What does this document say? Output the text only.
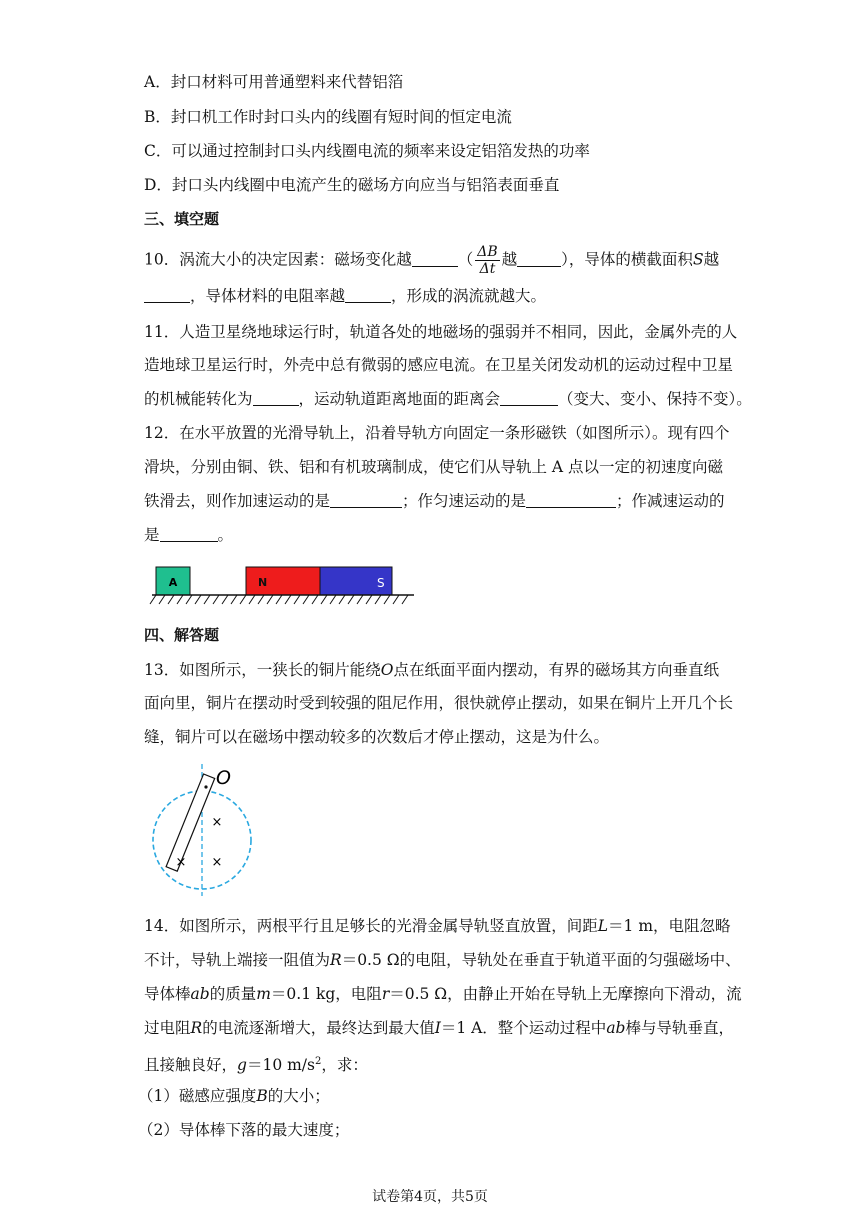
A．封口材料可用普通塑料来代替铝箔
B．封口机工作时封口头内的线圈有短时间的恒定电流
C．可以通过控制封口头内线圈电流的频率来设定铝箔发热的功率
D．封口头内线圈中电流产生的磁场方向应当与铝箔表面垂直
三、填空题
10．涡流大小的决定因素：磁场变化越	（ $\frac{\Delta B}{\Delta t}$ 越	），导体的横截面积S越
，导体材料的电阻率越	，形成的涡流就越大。
11．人造卫星绕地球运行时，轨道各处的地磁场的强弱并不相同，因此，金属外壳的人
造地球卫星运行时，外壳中总有微弱的感应电流。在卫星关闭发动机的运动过程中卫星
的机械能转化为	，运动轨道距离地面的距离会	（变大、变小、保持不变）。
12．在水平放置的光滑导轨上，沿着导轨方向固定一条形磁铁（如图所示）。现有四个
滑块，分别由铜、铁、铝和有机玻璃制成，使它们从导轨上 A 点以一定的初速度向磁
铁滑去，则作加速运动的是	；作匀速运动的是	；作减速运动的
是	。
A	N	S
四、解答题
13．如图所示，一狭长的铜片能绕O点在纸面平面内摆动，有界的磁场其方向垂直纸
面向里，铜片在摆动时受到较强的阻尼作用，很快就停止摆动，如果在铜片上开几个长
缝，铜片可以在磁场中摆动较多的次数后才停止摆动，这是为什么。
O
×
× ×
14．如图所示，两根平行且足够长的光滑金属导轨竖直放置，间距L＝1 m，电阻忽略
不计，导轨上端接一阻值为R＝0.5 Ω的电阻，导轨处在垂直于轨道平面的匀强磁场中、
导体棒ab的质量m＝0.1 kg，电阻r＝0.5 Ω，由静止开始在导轨上无摩擦向下滑动，流
过电阻R的电流逐渐增大，最终达到最大值I＝1 A．整个运动过程中ab棒与导轨垂直，
且接触良好，g＝10 $m/s^2$，求：
（1）磁感应强度B的大小；
（2）导体棒下落的最大速度；
试卷第4页，共5页
